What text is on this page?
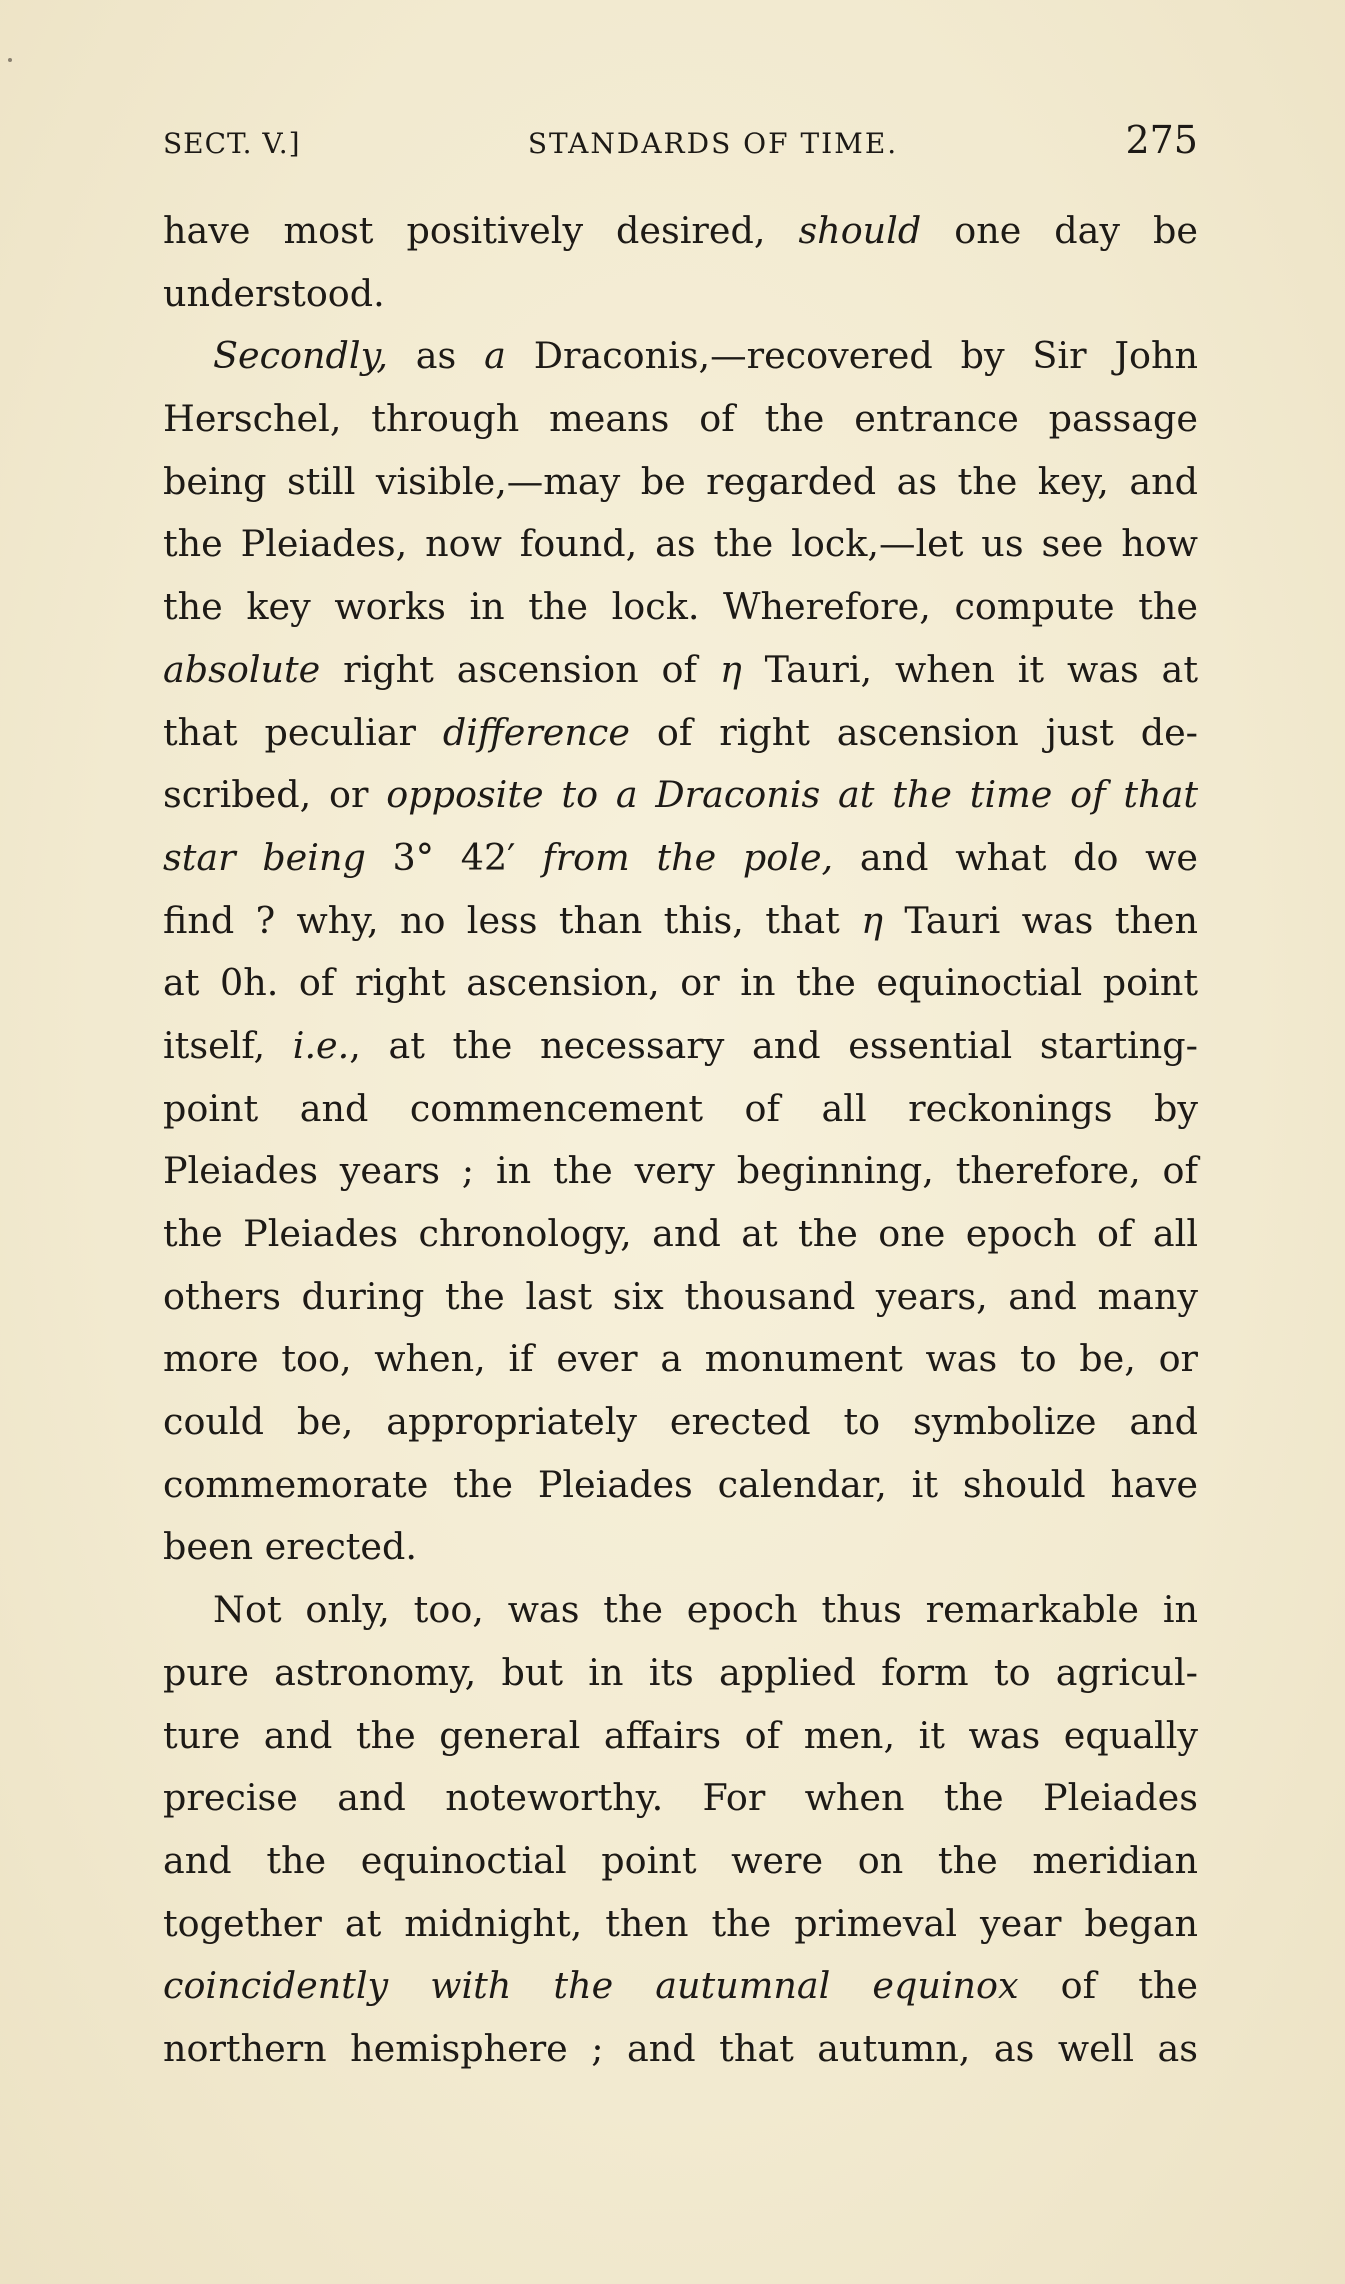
SECT. V.]	STANDARDS OF TIME.	275
have most positively desired, should one day be
understood.
Secondly, as a Draconis,—recovered by Sir John
Herschel, through means of the entrance passage
being still visible,—may be regarded as the key, and
the Pleiades, now found, as the lock,—let us see how
the key works in the lock. Wherefore, compute the
absolute right ascension of η Tauri, when it was at
that peculiar difference of right ascension just de-
scribed, or opposite to a Draconis at the time of that
star being 3° 42′ from the pole, and what do we
find ? why, no less than this, that η Tauri was then
at 0h. of right ascension, or in the equinoctial point
itself, i.e., at the necessary and essential starting-
point and commencement of all reckonings by
Pleiades years ; in the very beginning, therefore, of
the Pleiades chronology, and at the one epoch of all
others during the last six thousand years, and many
more too, when, if ever a monument was to be, or
could be, appropriately erected to symbolize and
commemorate the Pleiades calendar, it should have
been erected.
Not only, too, was the epoch thus remarkable in
pure astronomy, but in its applied form to agricul-
ture and the general affairs of men, it was equally
precise and noteworthy. For when the Pleiades
and the equinoctial point were on the meridian
together at midnight, then the primeval year began
coincidently with the autumnal equinox of the
northern hemisphere ; and that autumn, as well as
